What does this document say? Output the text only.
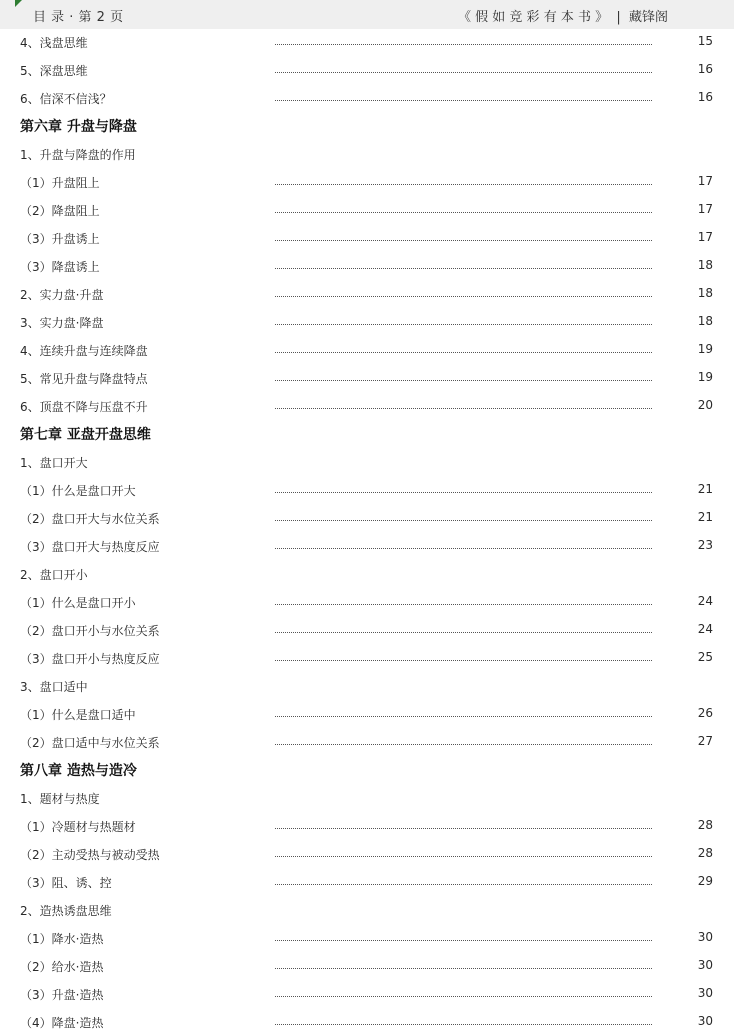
目 录 · 第 2 页	《 假 如 竞 彩 有 本 书 》  |  藏锋阁
4、浅盘思维	15
5、深盘思维	16
6、信深不信浅？	16
第六章 升盘与降盘
1、升盘与降盘的作用
（1）升盘阻上	17
（2）降盘阻上	17
（3）升盘诱上	17
（3）降盘诱上	18
2、实力盘·升盘	18
3、实力盘·降盘	18
4、连续升盘与连续降盘	19
5、常见升盘与降盘特点	19
6、顶盘不降与压盘不升	20
第七章 亚盘开盘思维
1、盘口开大
（1）什么是盘口开大	21
（2）盘口开大与水位关系	21
（3）盘口开大与热度反应	23
2、盘口开小
（1）什么是盘口开小	24
（2）盘口开小与水位关系	24
（3）盘口开小与热度反应	25
3、盘口适中
（1）什么是盘口适中	26
（2）盘口适中与水位关系	27
第八章 造热与造冷
1、题材与热度
（1）冷题材与热题材	28
（2）主动受热与被动受热	28
（3）阻、诱、控	29
2、造热诱盘思维
（1）降水·造热	30
（2）给水·造热	30
（3）升盘·造热	30
（4）降盘·造热	30
